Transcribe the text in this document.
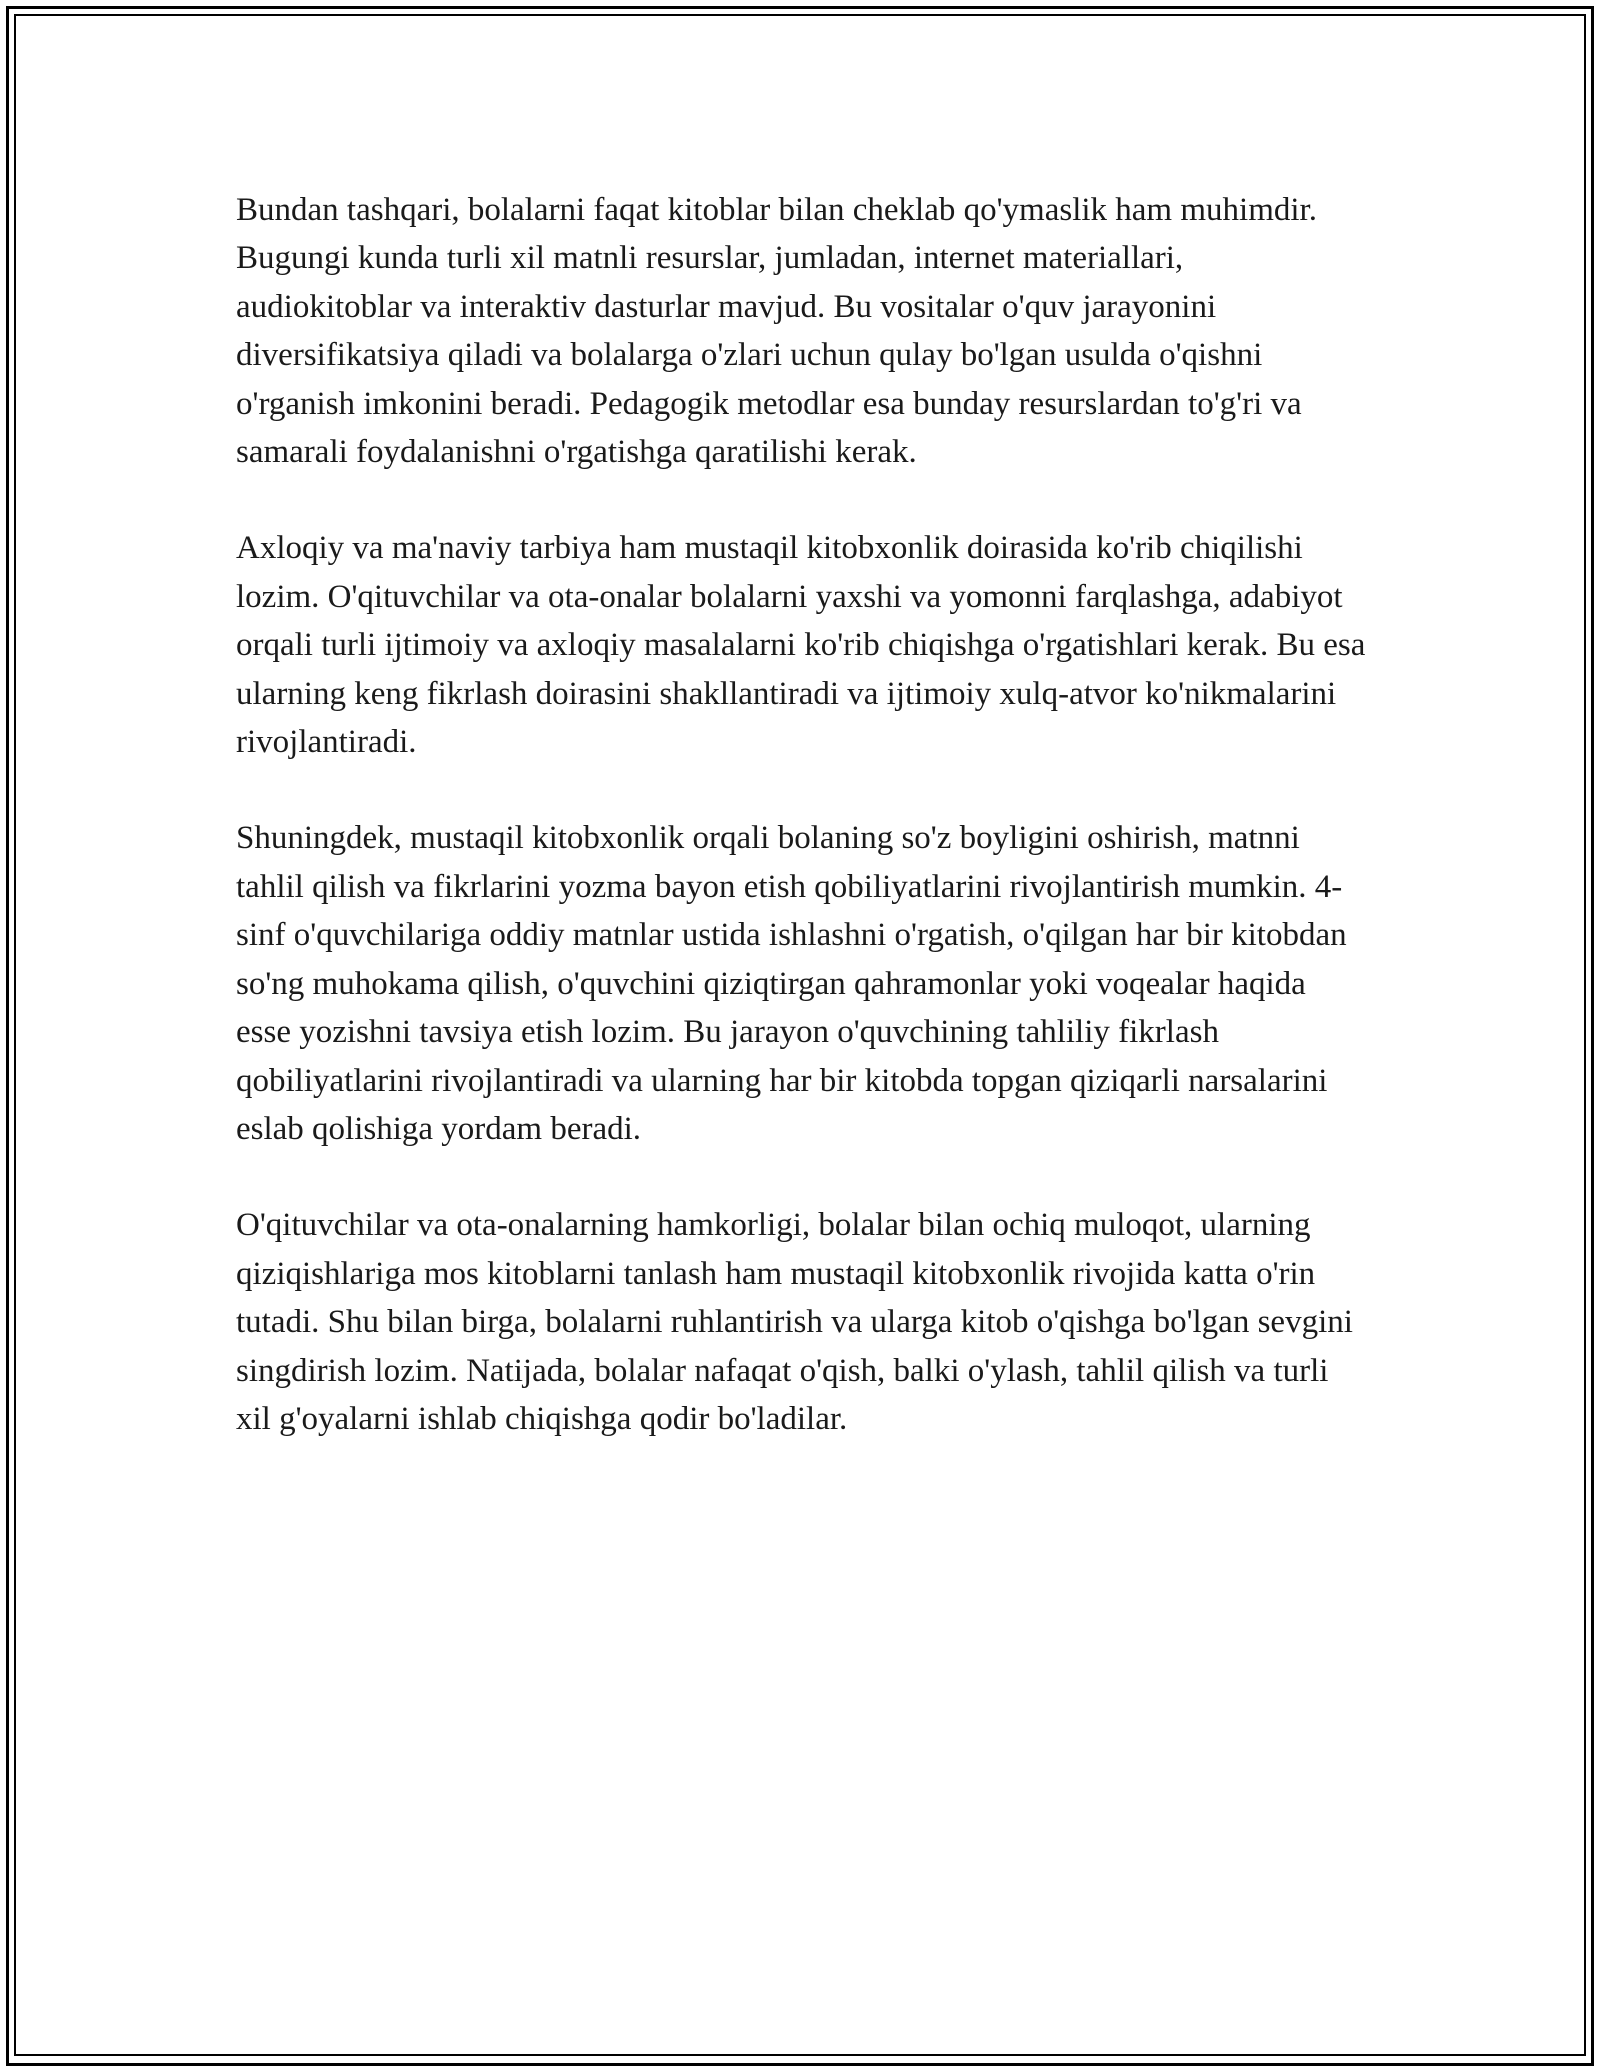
Bundan tashqari, bolalarni faqat kitoblar bilan cheklab qo'ymaslik ham muhimdir. Bugungi kunda turli xil matnli resurslar, jumladan, internet materiallari, audiokitoblar va interaktiv dasturlar mavjud. Bu vositalar o'quv jarayonini diversifikatsiya qiladi va bolalarga o'zlari uchun qulay bo'lgan usulda o'qishni o'rganish imkonini beradi. Pedagogik metodlar esa bunday resurslardan to'g'ri va samarali foydalanishni o'rgatishga qaratilishi kerak.

Axloqiy va ma'naviy tarbiya ham mustaqil kitobxonlik doirasida ko'rib chiqilishi lozim. O'qituvchilar va ota-onalar bolalarni yaxshi va yomonni farqlashga, adabiyot orqali turli ijtimoiy va axloqiy masalalarni ko'rib chiqishga o'rgatishlari kerak. Bu esa ularning keng fikrlash doirasini shakllantiradi va ijtimoiy xulq-atvor ko'nikmalarini rivojlantiradi.

Shuningdek, mustaqil kitobxonlik orqali bolaning so'z boyligini oshirish, matnni tahlil qilish va fikrlarini yozma bayon etish qobiliyatlarini rivojlantirish mumkin. 4-sinf o'quvchilariga oddiy matnlar ustida ishlashni o'rgatish, o'qilgan har bir kitobdan so'ng muhokama qilish, o'quvchini qiziqtirgan qahramonlar yoki voqealar haqida esse yozishni tavsiya etish lozim. Bu jarayon o'quvchining tahliliy fikrlash qobiliyatlarini rivojlantiradi va ularning har bir kitobda topgan qiziqarli narsalarini eslab qolishiga yordam beradi.

O'qituvchilar va ota-onalarning hamkorligi, bolalar bilan ochiq muloqot, ularning qiziqishlariga mos kitoblarni tanlash ham mustaqil kitobxonlik rivojida katta o'rin tutadi. Shu bilan birga, bolalarni ruhlantirish va ularga kitob o'qishga bo'lgan sevgini singdirish lozim. Natijada, bolalar nafaqat o'qish, balki o'ylash, tahlil qilish va turli xil g'oyalarni ishlab chiqishga qodir bo'ladilar.
